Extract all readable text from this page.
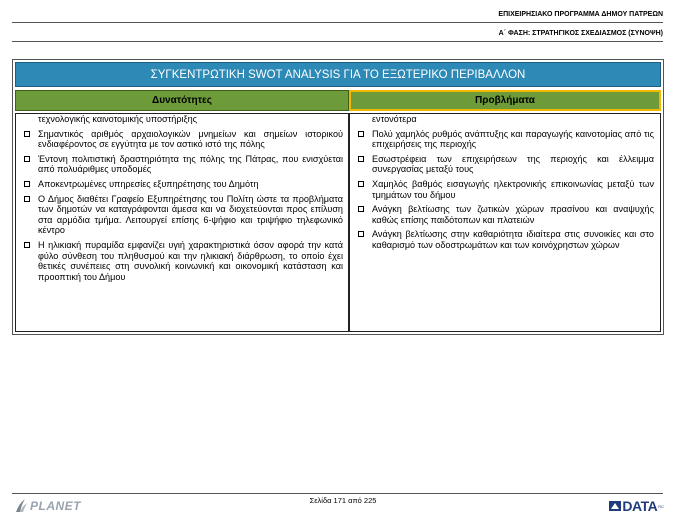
ΕΠΙΧΕΙΡΗΣΙΑΚΟ ΠΡΟΓΡΑΜΜΑ ΔΗΜΟΥ ΠΑΤΡΕΩΝ
Α΄ ΦΑΣΗ: ΣΤΡΑΤΗΓΙΚΟΣ ΣΧΕΔΙΑΣΜΟΣ (ΣΥΝΟΨΗ)
ΣΥΓΚΕΝΤΡΩΤΙΚΗ SWOT ANALYSIS ΓΙΑ ΤΟ ΕΞΩΤΕΡΙΚΟ ΠΕΡΙΒΑΛΛΟΝ
Δυνατότητες	Προβλήματα

τεχνολογικής καινοτομικής υποστήριξης

Σημαντικός αριθμός αρχαιολογικών μνημείων και σημείων ιστορικού ενδιαφέροντος σε εγγύτητα με τον αστικό ιστό της πόλης
Έντονη πολιτιστική δραστηριότητα της πόλης της Πάτρας, που ενισχύεται από πολυάριθμες υποδομές
Αποκεντρωμένες υπηρεσίες εξυπηρέτησης του Δημότη
Ο Δήμος διαθέτει Γραφείο Εξυπηρέτησης του Πολίτη ώστε τα προβλήματα των δημοτών να καταγράφονται άμεσα και να διοχετεύονται προς επίλυση στα αρμόδια τμήμα. Λειτουργεί επίσης 6-ψήφιο και τριψήφιο τηλεφωνικό κέντρο
Η ηλικιακή πυραμίδα εμφανίζει υγιή χαρακτηριστικά όσον αφορά την κατά φύλο σύνθεση του πληθυσμού και την ηλικιακή διάρθρωση, το οποίο έχει θετικές συνέπειες στη συνολική κοινωνική και οικονομική κατάσταση και προοπτική του Δήμου

εντονότερα

Πολύ χαμηλός ρυθμός ανάπτυξης και παραγωγής καινοτομίας από τις επιχειρήσεις της περιοχής
Εσωστρέφεια των επιχειρήσεων της περιοχής και έλλειμμα συνεργασίας μεταξύ τους
Χαμηλός βαθμός εισαγωγής ηλεκτρονικής επικοινωνίας μεταξύ των τμημάτων του δήμου
Ανάγκη βελτίωσης των ζωτικών χώρων πρασίνου και αναψυχής καθώς επίσης παιδότοπων και πλατειών
Ανάγκη βελτίωσης στην καθαριότητα ιδιαίτερα στις συνοικίες και στο καθαρισμό των οδοστρωμάτων και των κοινόχρηστων χώρων
PLANET	Σελίδα 171 από 225	DATA RC
